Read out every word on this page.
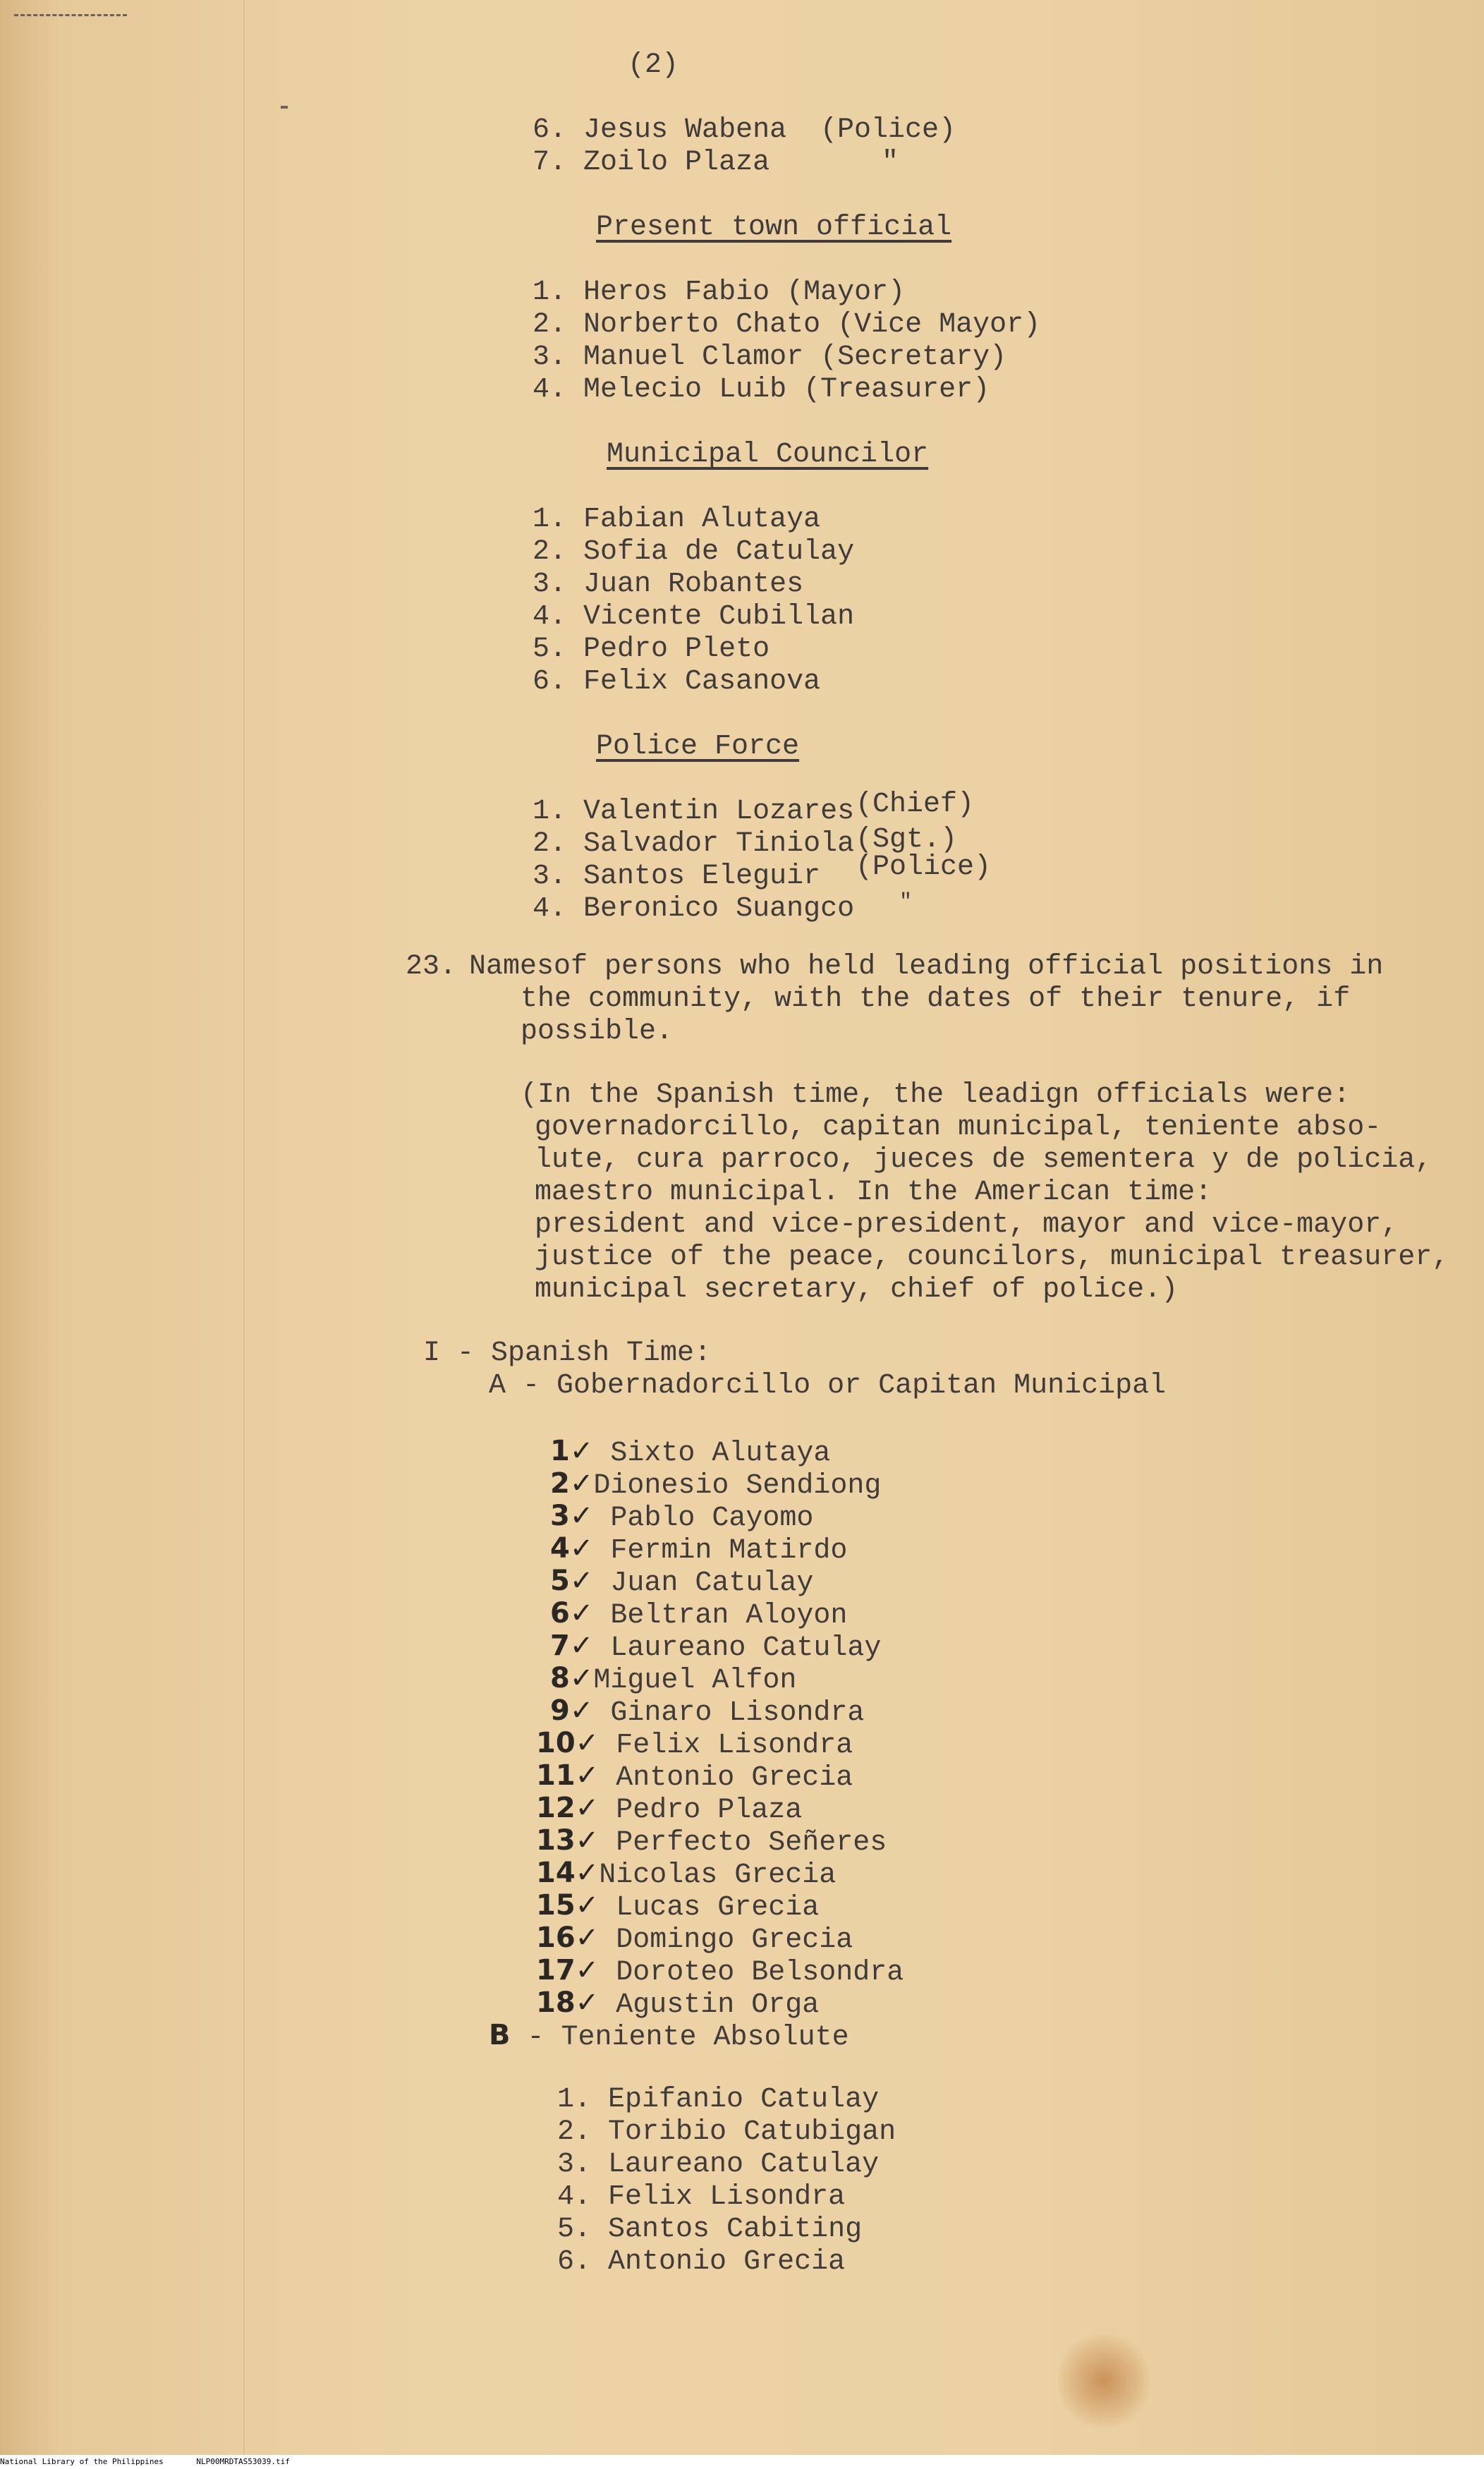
(2)
6. Jesus Wabena (Police)
7. Zoilo Plaza	"
Present town official
1. Heros Fabio (Mayor)
2. Norberto Chato (Vice Mayor)
3. Manuel Clamor (Secretary)
4. Melecio Luib (Treasurer)
Municipal Councilor
1. Fabian Alutaya
2. Sofia de Catulay
3. Juan Robantes
4. Vicente Cubillan
5. Pedro Pleto
6. Felix Casanova
Police Force
1. Valentin Lozares (Chief)
2. Salvador Tiniola (Sgt.)
3. Santos Eleguir (Police)
4. Beronico Suangco "
23. Namesof persons who held leading official positions in
the community, with the dates of their tenure, if
possible.
(In the Spanish time, the leadign officials were:
governadorcillo, capitan municipal, teniente abso-
lute, cura parroco, jueces de sementera y de policia,
maestro municipal. In the American time:
president and vice-president, mayor and vice-mayor,
justice of the peace, councilors, municipal treasurer,
municipal secretary, chief of police.)
I - Spanish Time:
A - Gobernadorcillo or Capitan Municipal
1✓ Sixto Alutaya
2✓Dionesio Sendiong
3✓ Pablo Cayomo
4✓ Fermin Matirdo
5✓ Juan Catulay
6✓ Beltran Aloyon
7✓ Laureano Catulay
8✓Miguel Alfon
9✓ Ginaro Lisondra
10✓ Felix Lisondra
11✓ Antonio Grecia
12✓ Pedro Plaza
13✓ Perfecto Señeres
14✓Nicolas Grecia
15✓ Lucas Grecia
16✓ Domingo Grecia
17✓ Doroteo Belsondra
18✓ Agustin Orga
B - Teniente Absolute
1. Epifanio Catulay
2. Toribio Catubigan
3. Laureano Catulay
4. Felix Lisondra
5. Santos Cabiting
6. Antonio Grecia
National Library of the Philippines	NLP00MRDTAS53039.tif
